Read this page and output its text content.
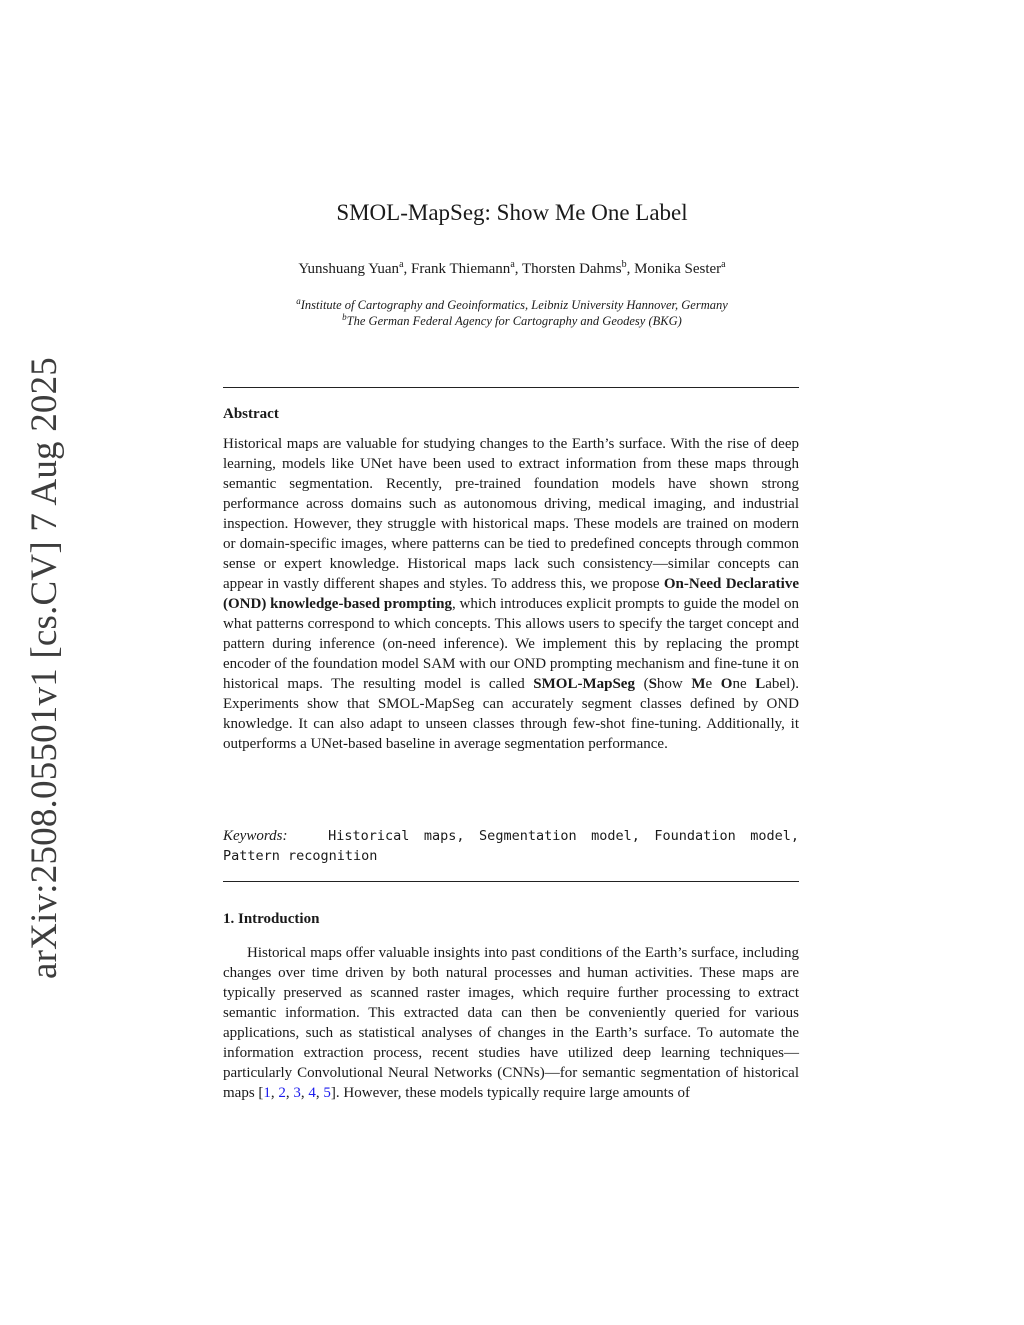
arXiv:2508.05501v1 [cs.CV] 7 Aug 2025
SMOL-MapSeg: Show Me One Label
Yunshuang Yuan$^a$, Frank Thiemann$^a$, Thorsten Dahms$^b$, Monika Sester$^a$
$^a$Institute of Cartography and Geoinformatics, Leibniz University Hannover, Germany
$^b$The German Federal Agency for Cartography and Geodesy (BKG)
Abstract
Historical maps are valuable for studying changes to the Earth’s surface. With the rise of deep learning, models like UNet have been used to extract information from these maps through semantic segmentation. Recently, pre-trained foundation models have shown strong performance across domains such as autonomous driving, medical imaging, and industrial inspection. However, they struggle with historical maps. These models are trained on modern or domain-specific images, where patterns can be tied to predefined concepts through common sense or expert knowledge. Historical maps lack such consistency—similar concepts can appear in vastly different shapes and styles. To address this, we propose On-Need Declarative (OND) knowledge-based prompting, which introduces explicit prompts to guide the model on what patterns correspond to which concepts. This allows users to specify the target concept and pattern during inference (on-need inference). We implement this by replacing the prompt encoder of the foundation model SAM with our OND prompting mechanism and fine-tune it on historical maps. The resulting model is called SMOL-MapSeg (Show Me One Label). Experiments show that SMOL-MapSeg can accurately segment classes defined by OND knowledge. It can also adapt to unseen classes through few-shot fine-tuning. Additionally, it outperforms a UNet-based baseline in average segmentation performance.
Keywords:	Historical maps, Segmentation model, Foundation model, Pattern recognition
1. Introduction
Historical maps offer valuable insights into past conditions of the Earth’s surface, including changes over time driven by both natural processes and human activities. These maps are typically preserved as scanned raster images, which require further processing to extract semantic information. This extracted data can then be conveniently queried for various applications, such as statistical analyses of changes in the Earth’s surface. To automate the information extraction process, recent studies have utilized deep learning techniques—particularly Convolutional Neural Networks (CNNs)—for semantic segmentation of historical maps [1, 2, 3, 4, 5]. However, these models typically require large amounts of
